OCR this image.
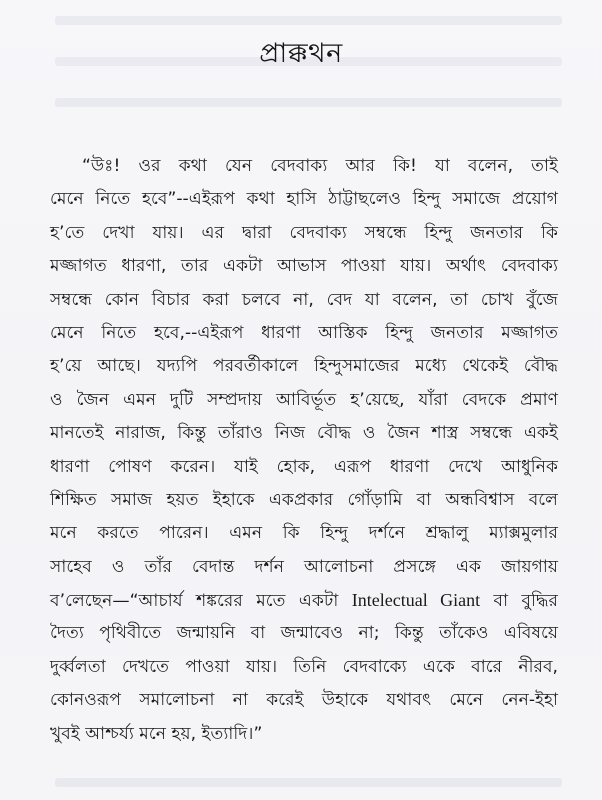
প্রাক্কথন
“উঃ! ওর কথা যেন বেদবাক্য আর কি! যা বলেন, তাই
মেনে নিতে হবে”--এইরূপ কথা হাসি ঠাট্টাছলেও হিন্দু সমাজে প্রয়োগ
হ’তে দেখা যায়। এর দ্বারা বেদবাক্য সম্বন্ধে হিন্দু জনতার কি
মজ্জাগত ধারণা, তার একটা আভাস পাওয়া যায়। অর্থাৎ বেদবাক্য
সম্বন্ধে কোন বিচার করা চলবে না, বেদ যা বলেন, তা চোখ বুঁজে
মেনে নিতে হবে,--এইরূপ ধারণা আস্তিক হিন্দু জনতার মজ্জাগত
হ’য়ে আছে। যদ্যপি পরবর্তীকালে হিন্দুসমাজের মধ্যে থেকেই বৌদ্ধ
ও জৈন এমন দুটি সম্প্রদায় আবির্ভূত হ’য়েছে, যাঁরা বেদকে প্রমাণ
মানতেই নারাজ, কিন্তু তাঁরাও নিজ বৌদ্ধ ও জৈন শাস্ত্র সম্বন্ধে একই
ধারণা পোষণ করেন। যাই হোক, এরূপ ধারণা দেখে আধুনিক
শিক্ষিত সমাজ হয়ত ইহাকে একপ্রকার গোঁড়ামি বা অন্ধবিশ্বাস বলে
মনে করতে পারেন। এমন কি হিন্দু দর্শনে শ্রদ্ধালু ম্যাক্সমুলার
সাহেব ও তাঁর বেদান্ত দর্শন আলোচনা প্রসঙ্গে এক জায়গায়
ব’লেছেন—“আচার্য শঙ্করের মতে একটা Intelectual Giant বা বুদ্ধির
দৈত্য পৃথিবীতে জন্মায়নি বা জন্মাবেও না; কিন্তু তাঁকেও এবিষয়ে
দুর্ব্বলতা দেখতে পাওয়া যায়। তিনি বেদবাক্যে একে বারে নীরব,
কোনওরূপ সমালোচনা না করেই উহাকে যথাবৎ মেনে নেন-ইহা
খুবই আশ্চর্য্য মনে হয়, ইত্যাদি।”
